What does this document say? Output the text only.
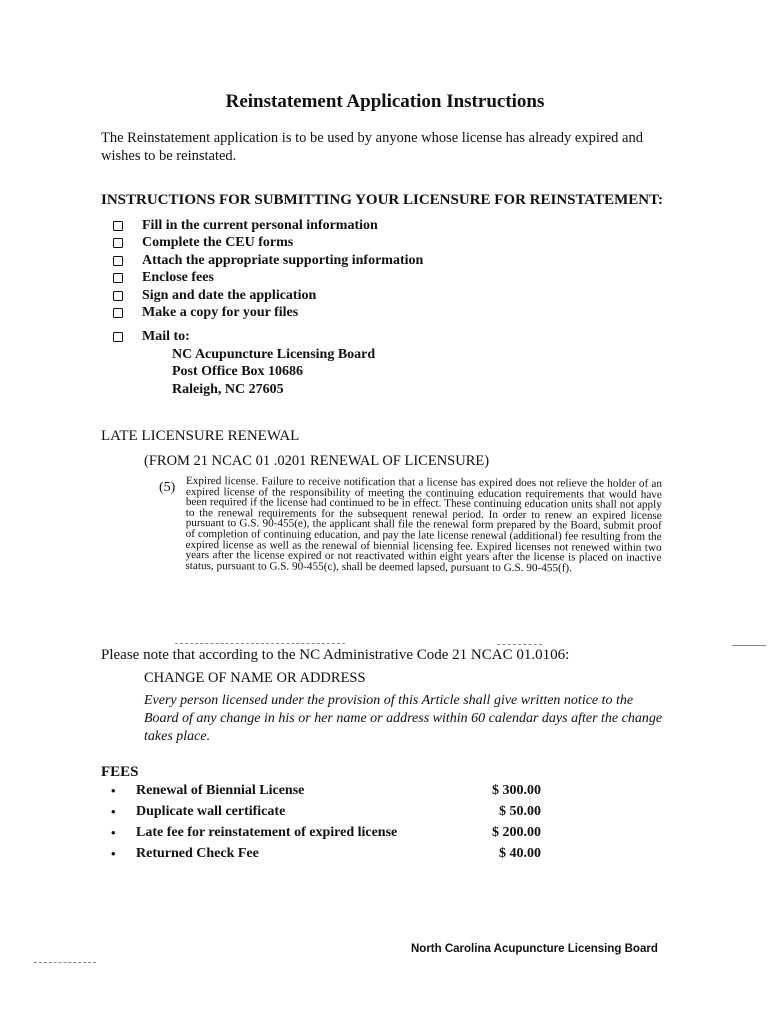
Reinstatement Application Instructions
The Reinstatement application is to be used by anyone whose license has already expired and wishes to be reinstated.
INSTRUCTIONS FOR SUBMITTING YOUR LICENSURE FOR REINSTATEMENT:
Fill in the current personal information
Complete the CEU forms
Attach the appropriate supporting information
Enclose fees
Sign and date the application
Make a copy for your files
Mail to:
NC Acupuncture Licensing Board
Post Office Box 10686
Raleigh, NC 27605
LATE LICENSURE RENEWAL
(FROM 21 NCAC 01 .0201 RENEWAL OF LICENSURE)
(5) Expired license. Failure to receive notification that a license has expired does not relieve the holder of an expired license of the responsibility of meeting the continuing education requirements that would have been required if the license had continued to be in effect. These continuing education units shall not apply to the renewal requirements for the subsequent renewal period. In order to renew an expired license pursuant to G.S. 90-455(e), the applicant shall file the renewal form prepared by the Board, submit proof of completion of continuing education, and pay the late license renewal (additional) fee resulting from the expired license as well as the renewal of biennial licensing fee. Expired licenses not renewed within two years after the license expired or not reactivated within eight years after the license is placed on inactive status, pursuant to G.S. 90-455(c), shall be deemed lapsed, pursuant to G.S. 90-455(f).
Please note that according to the NC Administrative Code 21 NCAC 01.0106:
CHANGE OF NAME OR ADDRESS
Every person licensed under the provision of this Article shall give written notice to the Board of any change in his or her name or address within 60 calendar days after the change takes place.
FEES
•	Renewal of Biennial License	$ 300.00
•	Duplicate wall certificate	$ 50.00
•	Late fee for reinstatement of expired license	$ 200.00
•	Returned Check Fee	$ 40.00
North Carolina Acupuncture Licensing Board
